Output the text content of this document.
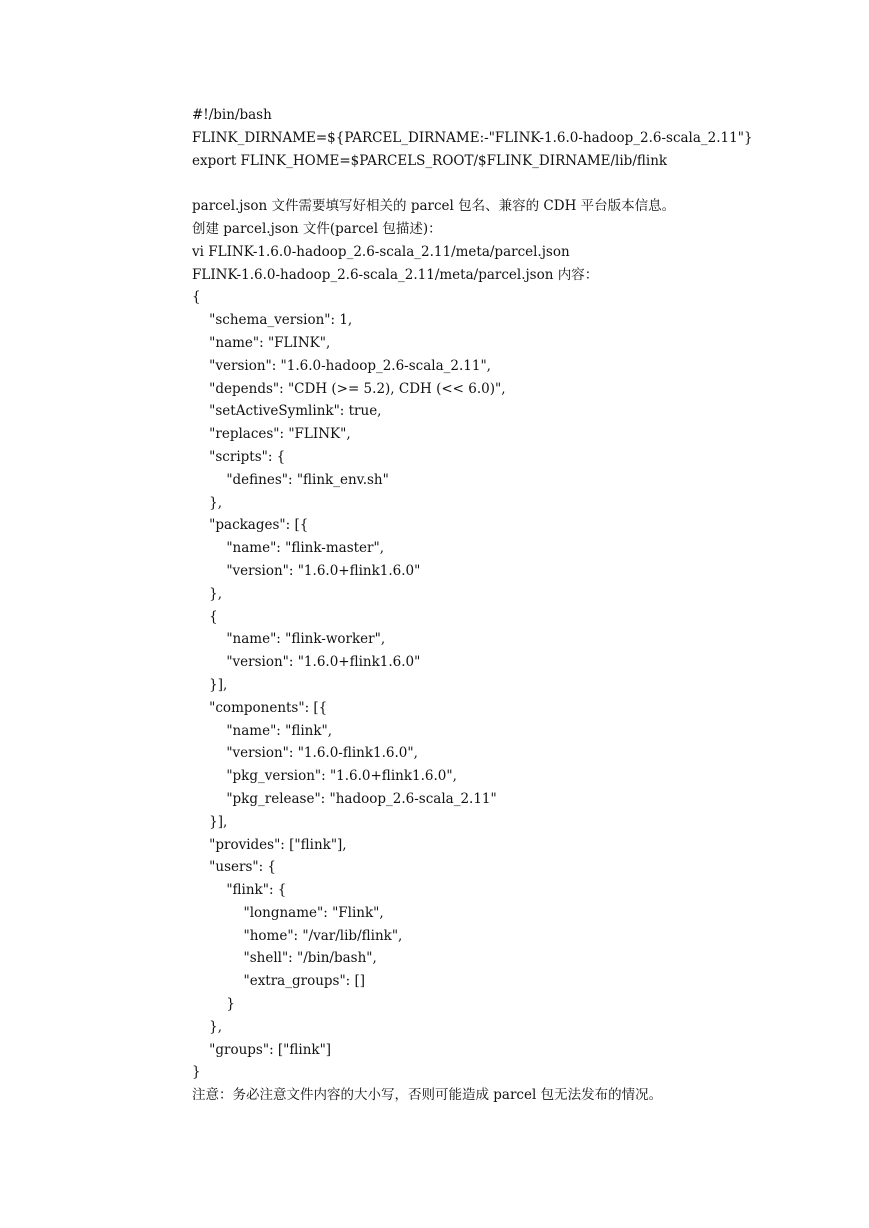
#!/bin/bash
FLINK_DIRNAME=${PARCEL_DIRNAME:-"FLINK-1.6.0-hadoop_2.6-scala_2.11"}
export FLINK_HOME=$PARCELS_ROOT/$FLINK_DIRNAME/lib/flink
parcel.json 文件需要填写好相关的 parcel 包名、兼容的 CDH 平台版本信息。
创建 parcel.json 文件(parcel 包描述)：
vi FLINK-1.6.0-hadoop_2.6-scala_2.11/meta/parcel.json
FLINK-1.6.0-hadoop_2.6-scala_2.11/meta/parcel.json 内容：
{
"schema_version": 1,
"name": "FLINK",
"version": "1.6.0-hadoop_2.6-scala_2.11",
"depends": "CDH (>= 5.2), CDH (<< 6.0)",
"setActiveSymlink": true,
"replaces": "FLINK",
"scripts": {
"defines": "flink_env.sh"
},
"packages": [{
"name": "flink-master",
"version": "1.6.0+flink1.6.0"
},
{
"name": "flink-worker",
"version": "1.6.0+flink1.6.0"
}],
"components": [{
"name": "flink",
"version": "1.6.0-flink1.6.0",
"pkg_version": "1.6.0+flink1.6.0",
"pkg_release": "hadoop_2.6-scala_2.11"
}],
"provides": ["flink"],
"users": {
"flink": {
"longname": "Flink",
"home": "/var/lib/flink",
"shell": "/bin/bash",
"extra_groups": []
}
},
"groups": ["flink"]
}
注意：务必注意文件内容的大小写，否则可能造成 parcel 包无法发布的情况。
